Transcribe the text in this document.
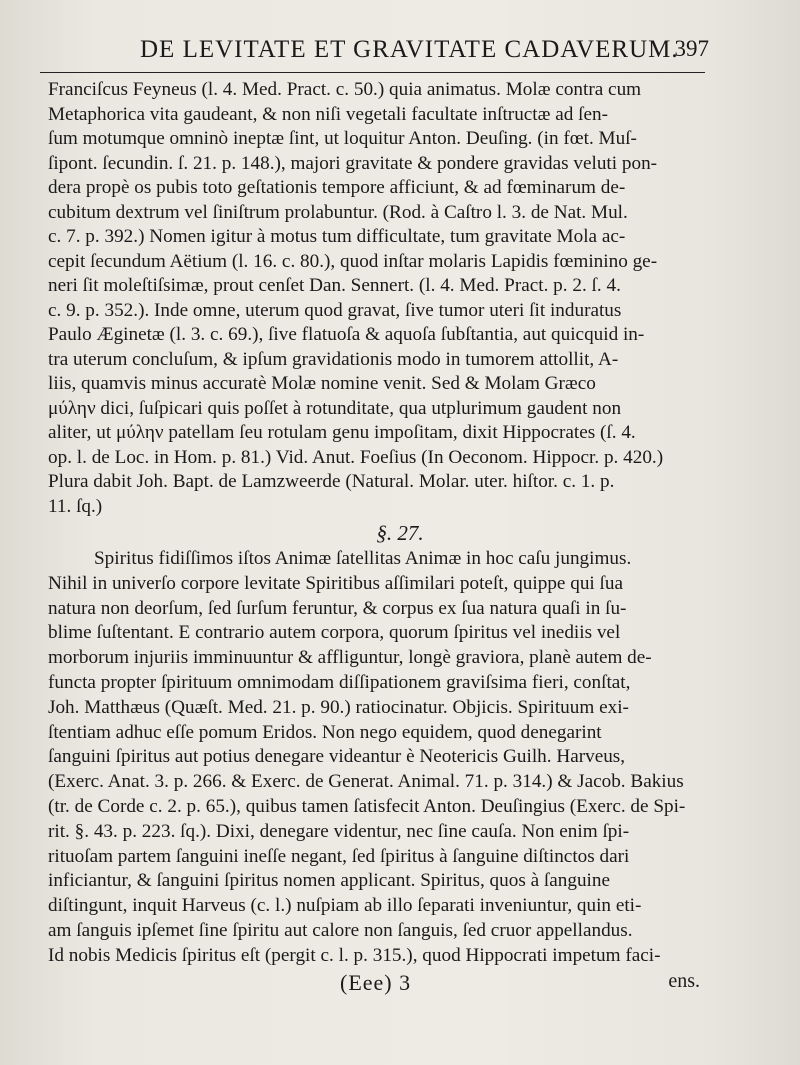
DE LEVITATE ET GRAVITATE CADAVERUM.
397
Franciſcus Feyneus (l. 4. Med. Pract. c. 50.) quia animatus. Molæ contra cum
Metaphorica vita gaudeant, & non niſi vegetali facultate inſtructæ ad ſen-
ſum motumque omninò ineptæ ſint, ut loquitur Anton. Deuſing. (in fœt. Muſ-
ſipont. ſecundin. ſ. 21. p. 148.), majori gravitate & pondere gravidas veluti pon-
dera propè os pubis toto geſtationis tempore afficiunt, & ad fœminarum de-
cubitum dextrum vel ſiniſtrum prolabuntur. (Rod. à Caſtro l. 3. de Nat. Mul.
c. 7. p. 392.) Nomen igitur à motus tum difficultate, tum gravitate Mola ac-
cepit ſecundum Aëtium (l. 16. c. 80.), quod inſtar molaris Lapidis fœminino ge-
neri ſit moleſtiſsimæ, prout cenſet Dan. Sennert. (l. 4. Med. Pract. p. 2. ſ. 4.
c. 9. p. 352.). Inde omne, uterum quod gravat, ſive tumor uteri ſit induratus
Paulo Æginetæ (l. 3. c. 69.), ſive flatuoſa & aquoſa ſubſtantia, aut quicquid in-
tra uterum concluſum, & ipſum gravidationis modo in tumorem attollit, A-
liis, quamvis minus accuratè Molæ nomine venit. Sed & Molam Græco
μύλην dici, ſuſpicari quis poſſet à rotunditate, qua utplurimum gaudent non
aliter, ut μύλην patellam ſeu rotulam genu impoſitam, dixit Hippocrates (ſ. 4.
op. l. de Loc. in Hom. p. 81.) Vid. Anut. Foeſius (In Oeconom. Hippocr. p. 420.)
Plura dabit Joh. Bapt. de Lamzweerde (Natural. Molar. uter. hiſtor. c. 1. p.
11. ſq.)
§. 27.
Spiritus fidiſſimos iſtos Animæ ſatellitas Animæ in hoc caſu jungimus.
Nihil in univerſo corpore levitate Spiritibus aſſimilari poteſt, quippe qui ſua
natura non deorſum, ſed ſurſum feruntur, & corpus ex ſua natura quaſi in ſu-
blime ſuſtentant. E contrario autem corpora, quorum ſpiritus vel inediis vel
morborum injuriis imminuuntur & affliguntur, longè graviora, planè autem de-
functa propter ſpirituum omnimodam diſſipationem graviſsima fieri, conſtat,
Joh. Matthæus (Quæſt. Med. 21. p. 90.) ratiocinatur. Objicis. Spirituum exi-
ſtentiam adhuc eſſe pomum Eridos. Non nego equidem, quod denegarint
ſanguini ſpiritus aut potius denegare videantur è Neotericis Guilh. Harveus,
(Exerc. Anat. 3. p. 266. & Exerc. de Generat. Animal. 71. p. 314.) & Jacob. Bakius
(tr. de Corde c. 2. p. 65.), quibus tamen ſatisfecit Anton. Deuſingius (Exerc. de Spi-
rit. §. 43. p. 223. ſq.). Dixi, denegare videntur, nec ſine cauſa. Non enim ſpi-
rituoſam partem ſanguini ineſſe negant, ſed ſpiritus à ſanguine diſtinctos dari
inficiantur, & ſanguini ſpiritus nomen applicant. Spiritus, quos à ſanguine
diſtingunt, inquit Harveus (c. l.) nuſpiam ab illo ſeparati inveniuntur, quin eti-
am ſanguis ipſemet ſine ſpiritu aut calore non ſanguis, ſed cruor appellandus.
Id nobis Medicis ſpiritus eſt (pergit c. l. p. 315.), quod Hippocrati impetum faci-
(Eee) 3	ens.
